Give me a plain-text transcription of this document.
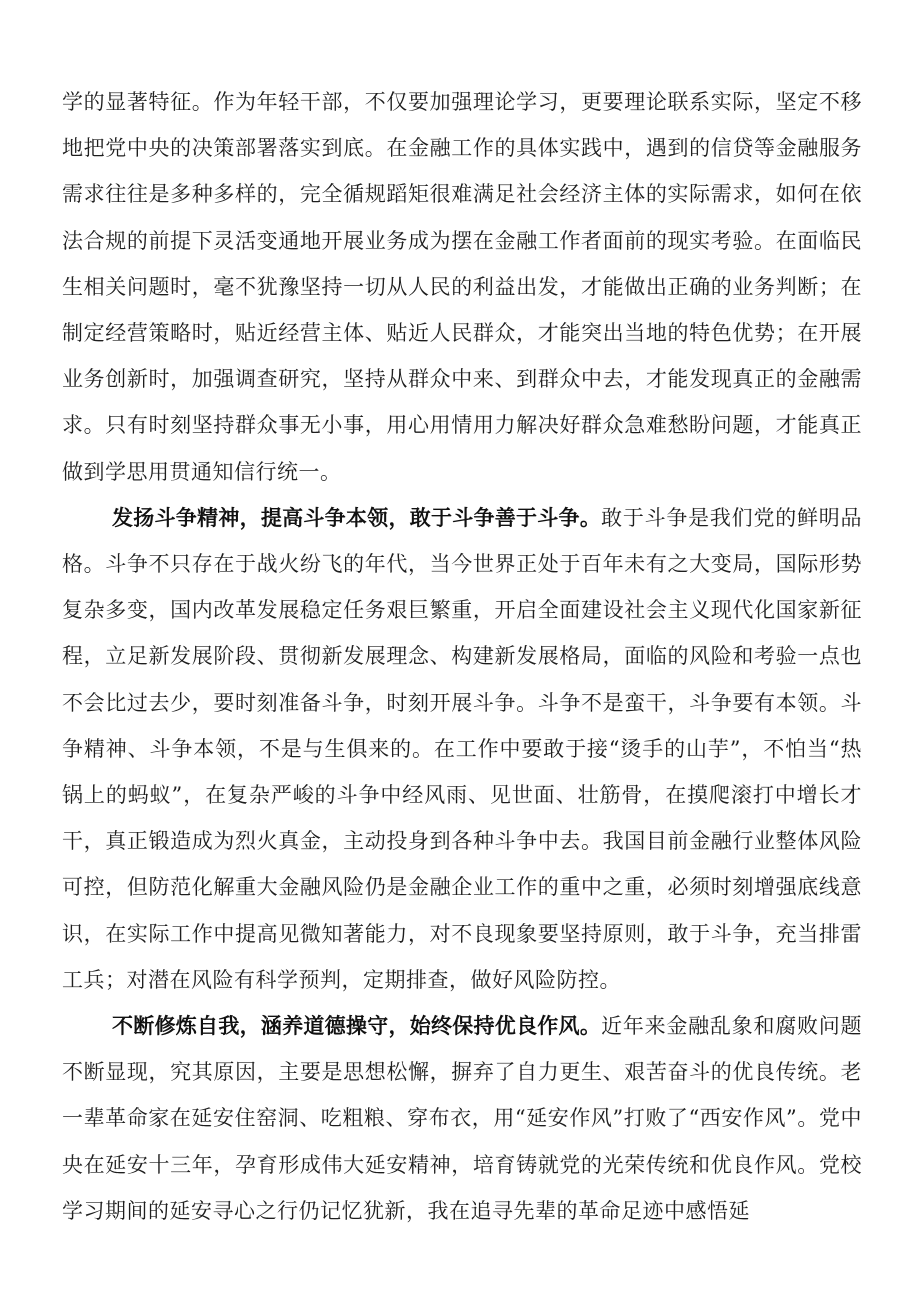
学的显著特征。作为年轻干部，不仅要加强理论学习，更要理论联系实际，坚定不移地把党中央的决策部署落实到底。在金融工作的具体实践中，遇到的信贷等金融服务需求往往是多种多样的，完全循规蹈矩很难满足社会经济主体的实际需求，如何在依法合规的前提下灵活变通地开展业务成为摆在金融工作者面前的现实考验。在面临民生相关问题时，毫不犹豫坚持一切从人民的利益出发，才能做出正确的业务判断；在制定经营策略时，贴近经营主体、贴近人民群众，才能突出当地的特色优势；在开展业务创新时，加强调查研究，坚持从群众中来、到群众中去，才能发现真正的金融需求。只有时刻坚持群众事无小事，用心用情用力解决好群众急难愁盼问题，才能真正做到学思用贯通知信行统一。

发扬斗争精神，提高斗争本领，敢于斗争善于斗争。敢于斗争是我们党的鲜明品格。斗争不只存在于战火纷飞的年代，当今世界正处于百年未有之大变局，国际形势复杂多变，国内改革发展稳定任务艰巨繁重，开启全面建设社会主义现代化国家新征程，立足新发展阶段、贯彻新发展理念、构建新发展格局，面临的风险和考验一点也不会比过去少，要时刻准备斗争，时刻开展斗争。斗争不是蛮干，斗争要有本领。斗争精神、斗争本领，不是与生俱来的。在工作中要敢于接“烫手的山芋”，不怕当“热锅上的蚂蚁”，在复杂严峻的斗争中经风雨、见世面、壮筋骨，在摸爬滚打中增长才干，真正锻造成为烈火真金，主动投身到各种斗争中去。我国目前金融行业整体风险可控，但防范化解重大金融风险仍是金融企业工作的重中之重，必须时刻增强底线意识，在实际工作中提高见微知著能力，对不良现象要坚持原则，敢于斗争，充当排雷工兵；对潜在风险有科学预判，定期排查，做好风险防控。

不断修炼自我，涵养道德操守，始终保持优良作风。近年来金融乱象和腐败问题不断显现，究其原因，主要是思想松懈，摒弃了自力更生、艰苦奋斗的优良传统。老一辈革命家在延安住窑洞、吃粗粮、穿布衣，用“延安作风”打败了“西安作风”。党中央在延安十三年，孕育形成伟大延安精神，培育铸就党的光荣传统和优良作风。党校学习期间的延安寻心之行仍记忆犹新，我在追寻先辈的革命足迹中感悟延
